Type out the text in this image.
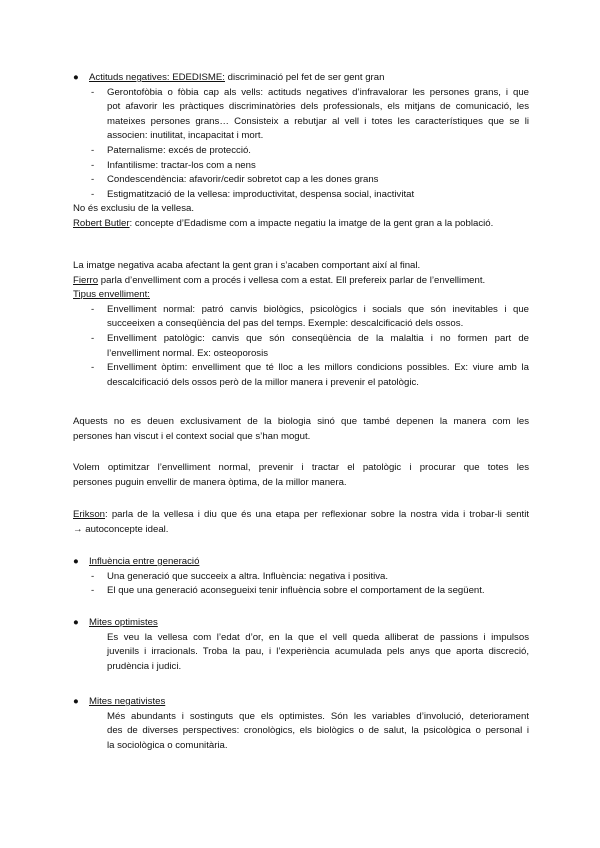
● Actituds negatives: EDEDISME: discriminació pel fet de ser gent gran

- Gerontofòbia o fòbia cap als vells: actituds negatives d’infravalorar les persones grans, i que

pot afavorir les pràctiques discriminatòries dels professionals, els mitjans de comunicació, les

mateixes persones grans… Consisteix a rebutjar al vell i totes les característiques que se li

associen: inutilitat, incapacitat i mort.

- Paternalisme: excés de protecció.

- Infantilisme: tractar-los com a nens

- Condescendència: afavorir/cedir sobretot cap a les dones grans

- Estigmatització de la vellesa: improductivitat, despensa social, inactivitat

No és exclusiu de la vellesa.

Robert Butler: concepte d’Edadisme com a impacte negatiu la imatge de la gent gran a la població.

La imatge negativa acaba afectant la gent gran i s’acaben comportant així al final.

Fierro parla d’envelliment com a procés i vellesa com a estat. Ell prefereix parlar de l’envelliment.

Tipus envelliment:

- Envelliment normal: patró canvis biològics, psicològics i socials que són inevitables i que

succeeixen a conseqüència del pas del temps. Exemple: descalcificació dels ossos.

- Envelliment patològic: canvis que són conseqüència de la malaltia i no formen part de

l’envelliment normal. Ex: osteoporosis

- Envelliment òptim: envelliment que té lloc a les millors condicions possibles. Ex: viure amb la

descalcificació dels ossos però de la millor manera i prevenir el patològic.

Aquests no es deuen exclusivament de la biologia sinó que també depenen la manera com les

persones han viscut i el context social que s’han mogut.

Volem optimitzar l’envelliment normal, prevenir i tractar el patològic i procurar que totes les

persones puguin envellir de manera òptima, de la millor manera.

Erikson: parla de la vellesa i diu que és una etapa per reflexionar sobre la nostra vida i trobar-li sentit

→ autoconcepte ideal.

● Influència entre generació

- Una generació que succeeix a altra. Influència: negativa i positiva.

- El que una generació aconsegueixi tenir influència sobre el comportament de la següent.

● Mites optimistes

Es veu la vellesa com l’edat d’or, en la que el vell queda alliberat de passions i impulsos

juvenils i irracionals. Troba la pau, i l’experiència acumulada pels anys que aporta discreció,

prudència i judici.

● Mites negativistes

Més abundants i sostinguts que els optimistes. Són les variables d’involució, deteriorament

des de diverses perspectives: cronològics, els biològics o de salut, la psicològica o personal i

la sociològica o comunitària.
